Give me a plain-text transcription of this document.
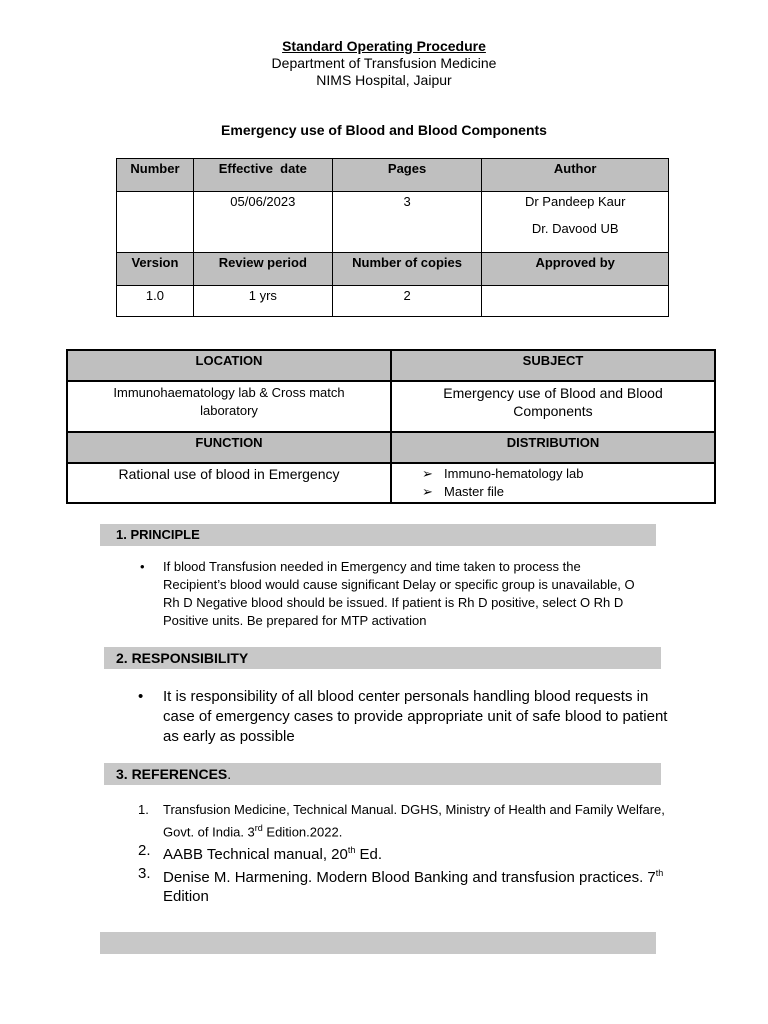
Standard Operating Procedure
Department of Transfusion Medicine
NIMS Hospital, Jaipur
Emergency use of Blood and Blood Components
Number	Effective  date	Pages	Author
	05/06/2023	3	Dr Pandeep Kaur
Dr. Davood UB

Version	Review period	Number of copies	Approved by
1.0	1 yrs	2	
LOCATION	SUBJECT

Immunohaematology lab & Cross match laboratory	Emergency use of Blood and Blood Components

FUNCTION	DISTRIBUTION
Rational use of blood in Emergency	➢ Immuno-hematology lab
➢ Master file
1. PRINCIPLE
• If blood Transfusion needed in Emergency and time taken to process the Recipient’s blood would cause significant Delay or specific group is unavailable, O Rh D Negative blood should be issued. If patient is Rh D positive, select O Rh D Positive units. Be prepared for MTP activation
2. RESPONSIBILITY
• It is responsibility of all blood center personals handling blood requests in case of emergency cases to provide appropriate unit of safe blood to patient as early as possible
3. REFERENCES.
1. Transfusion Medicine, Technical Manual. DGHS, Ministry of Health and Family Welfare, Govt. of India. 3rd Edition.2022.
2. AABB Technical manual, 20th Ed.
3. Denise M. Harmening. Modern Blood Banking and transfusion practices. 7th Edition
